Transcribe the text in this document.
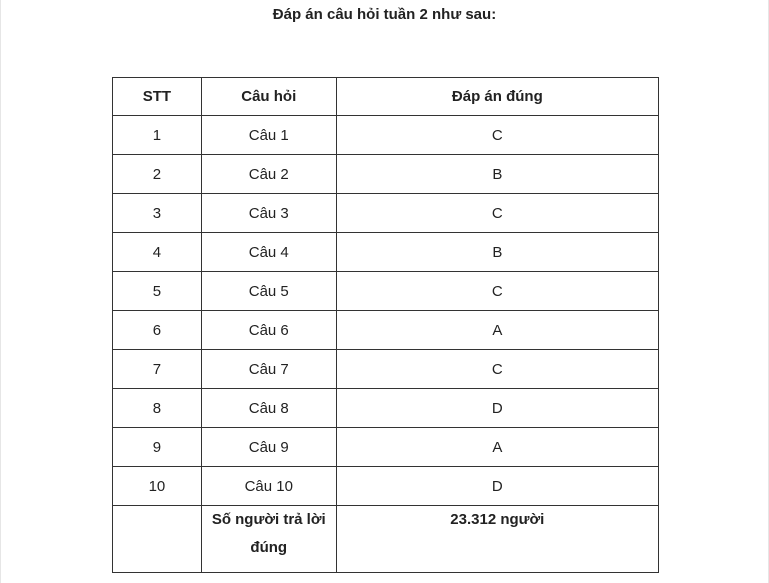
Đáp án câu hỏi tuần 2 như sau:
STT	Câu hỏi	Đáp án đúng
1	Câu 1	C
2	Câu 2	B
3	Câu 3	C
4	Câu 4	B
5	Câu 5	C
6	Câu 6	A
7	Câu 7	C
8	Câu 8	D
9	Câu 9	A
10	Câu 10	D
	Số người trả lời đúng	23.312 người
